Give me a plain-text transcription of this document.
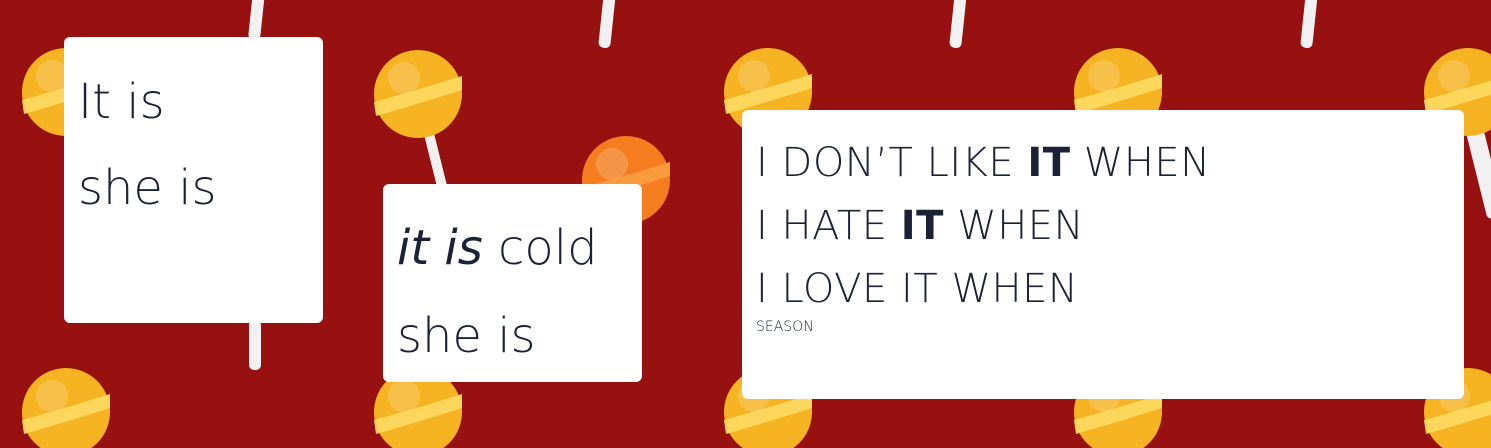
It is
she is
it is cold
she is
I DON’T LIKE IT WHEN
I HATE IT WHEN
I LOVE IT WHEN
SEASON
